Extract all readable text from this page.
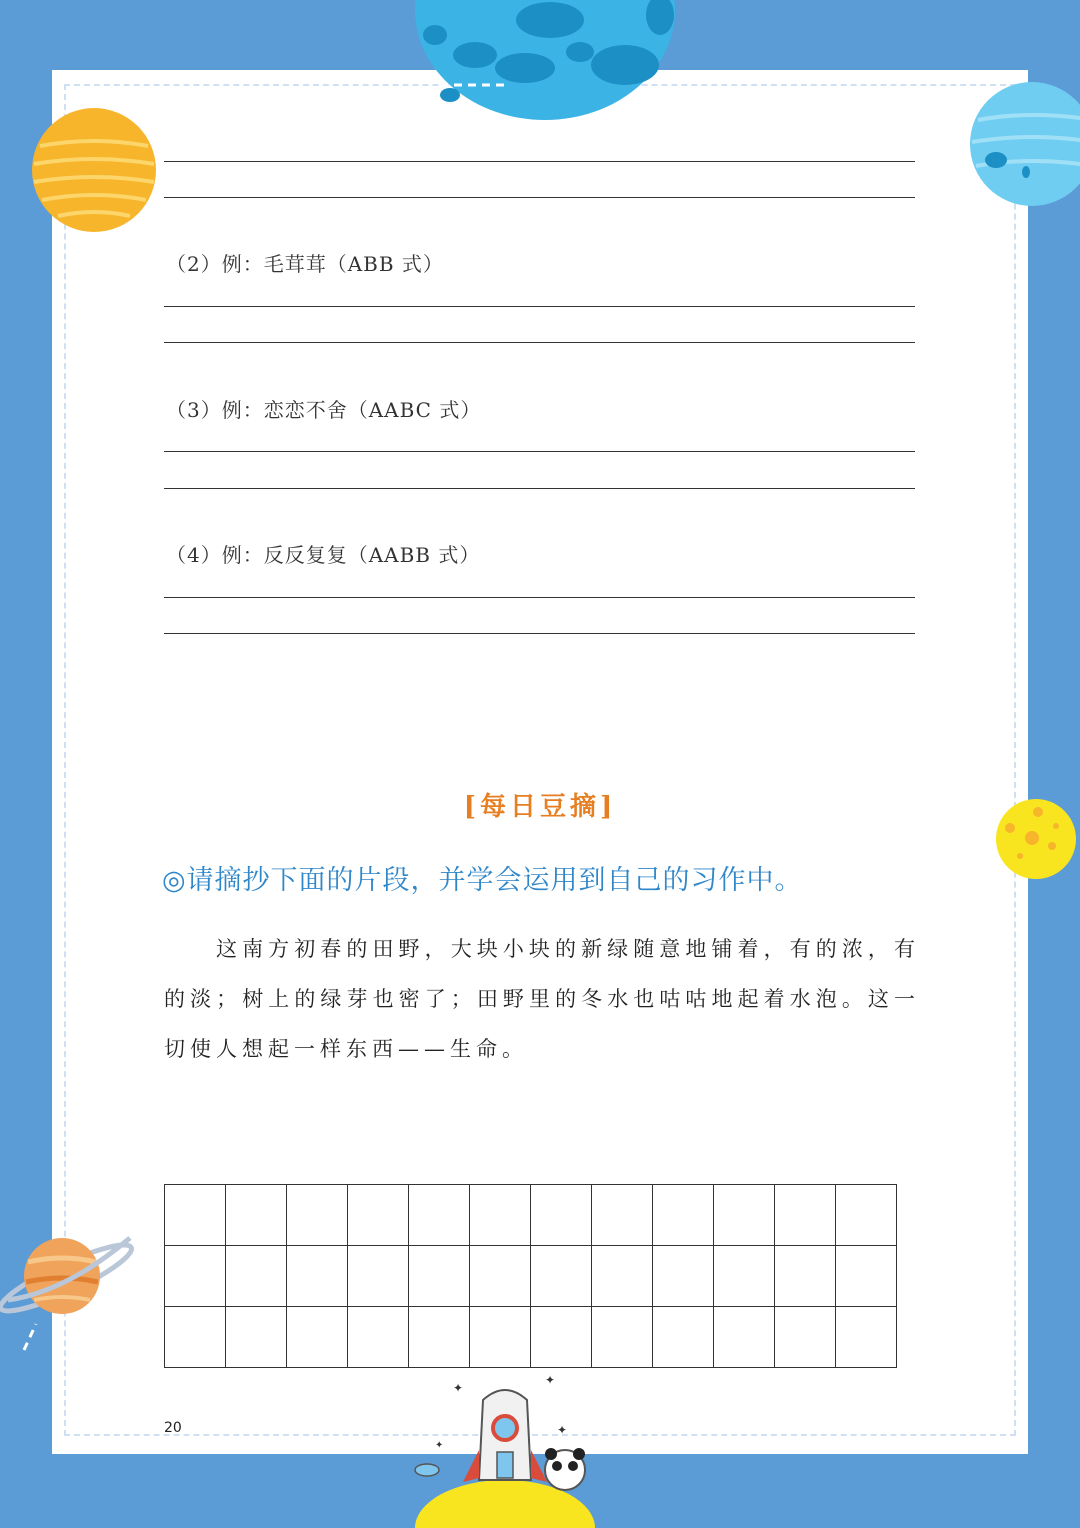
✦
✦
✦
✦
（2）例：毛茸茸（ABB 式）
（3）例：恋恋不舍（AABC 式）
（4）例：反反复复（AABB 式）
[每日豆摘]
◎请摘抄下面的片段，并学会运用到自己的习作中。
这南方初春的田野，大块小块的新绿随意地铺着，有的浓，有的淡；树上的绿芽也密了；田野里的冬水也咕咕地起着水泡。这一切使人想起一样东西——生命。

20
